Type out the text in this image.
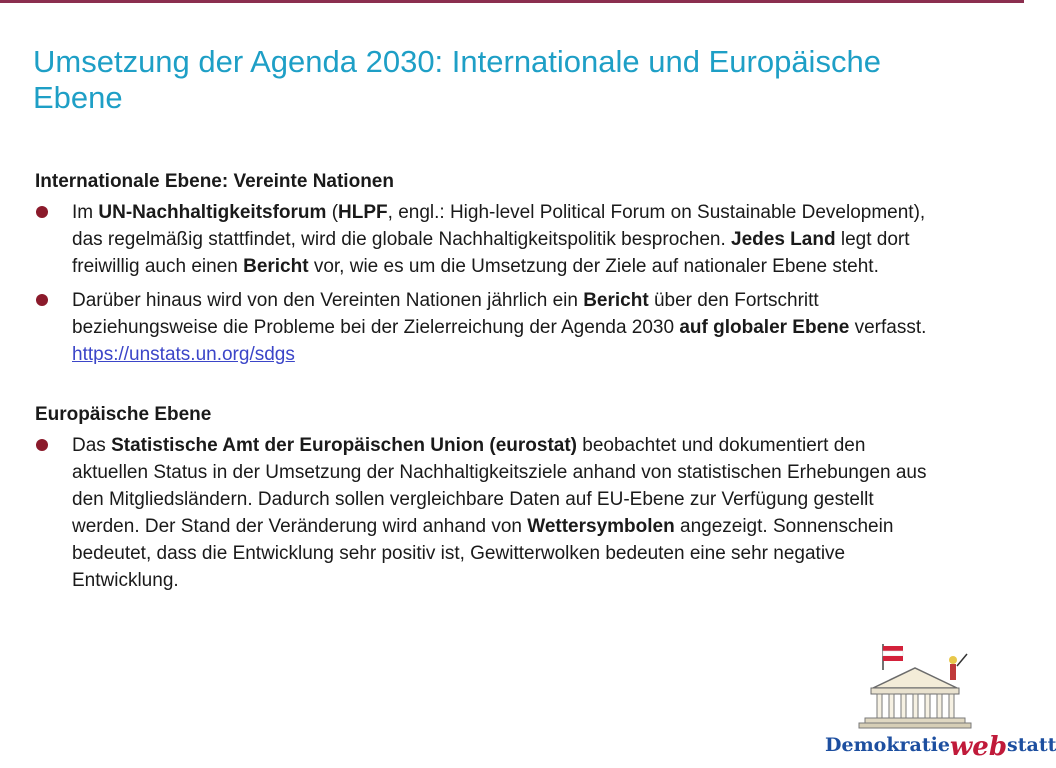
Umsetzung der Agenda 2030: Internationale und Europäische Ebene
Internationale Ebene: Vereinte Nationen
Im UN-Nachhaltigkeitsforum (HLPF, engl.: High-level Political Forum on Sustainable Development), das regelmäßig stattfindet, wird die globale Nachhaltigkeitspolitik besprochen. Jedes Land legt dort freiwillig auch einen Bericht vor, wie es um die Umsetzung der Ziele auf nationaler Ebene steht.
Darüber hinaus wird von den Vereinten Nationen jährlich ein Bericht über den Fortschritt beziehungsweise die Probleme bei der Zielerreichung der Agenda 2030 auf globaler Ebene verfasst.
https://unstats.un.org/sdgs
Europäische Ebene
Das Statistische Amt der Europäischen Union (eurostat) beobachtet und dokumentiert den aktuellen Status in der Umsetzung der Nachhaltigkeitsziele anhand von statistischen Erhebungen aus den Mitgliedsländern. Dadurch sollen vergleichbare Daten auf EU-Ebene zur Verfügung gestellt werden. Der Stand der Veränderung wird anhand von Wettersymbolen angezeigt. Sonnenschein bedeutet, dass die Entwicklung sehr positiv ist, Gewitterwolken bedeuten eine sehr negative Entwicklung.
Demokratiewebstatt
